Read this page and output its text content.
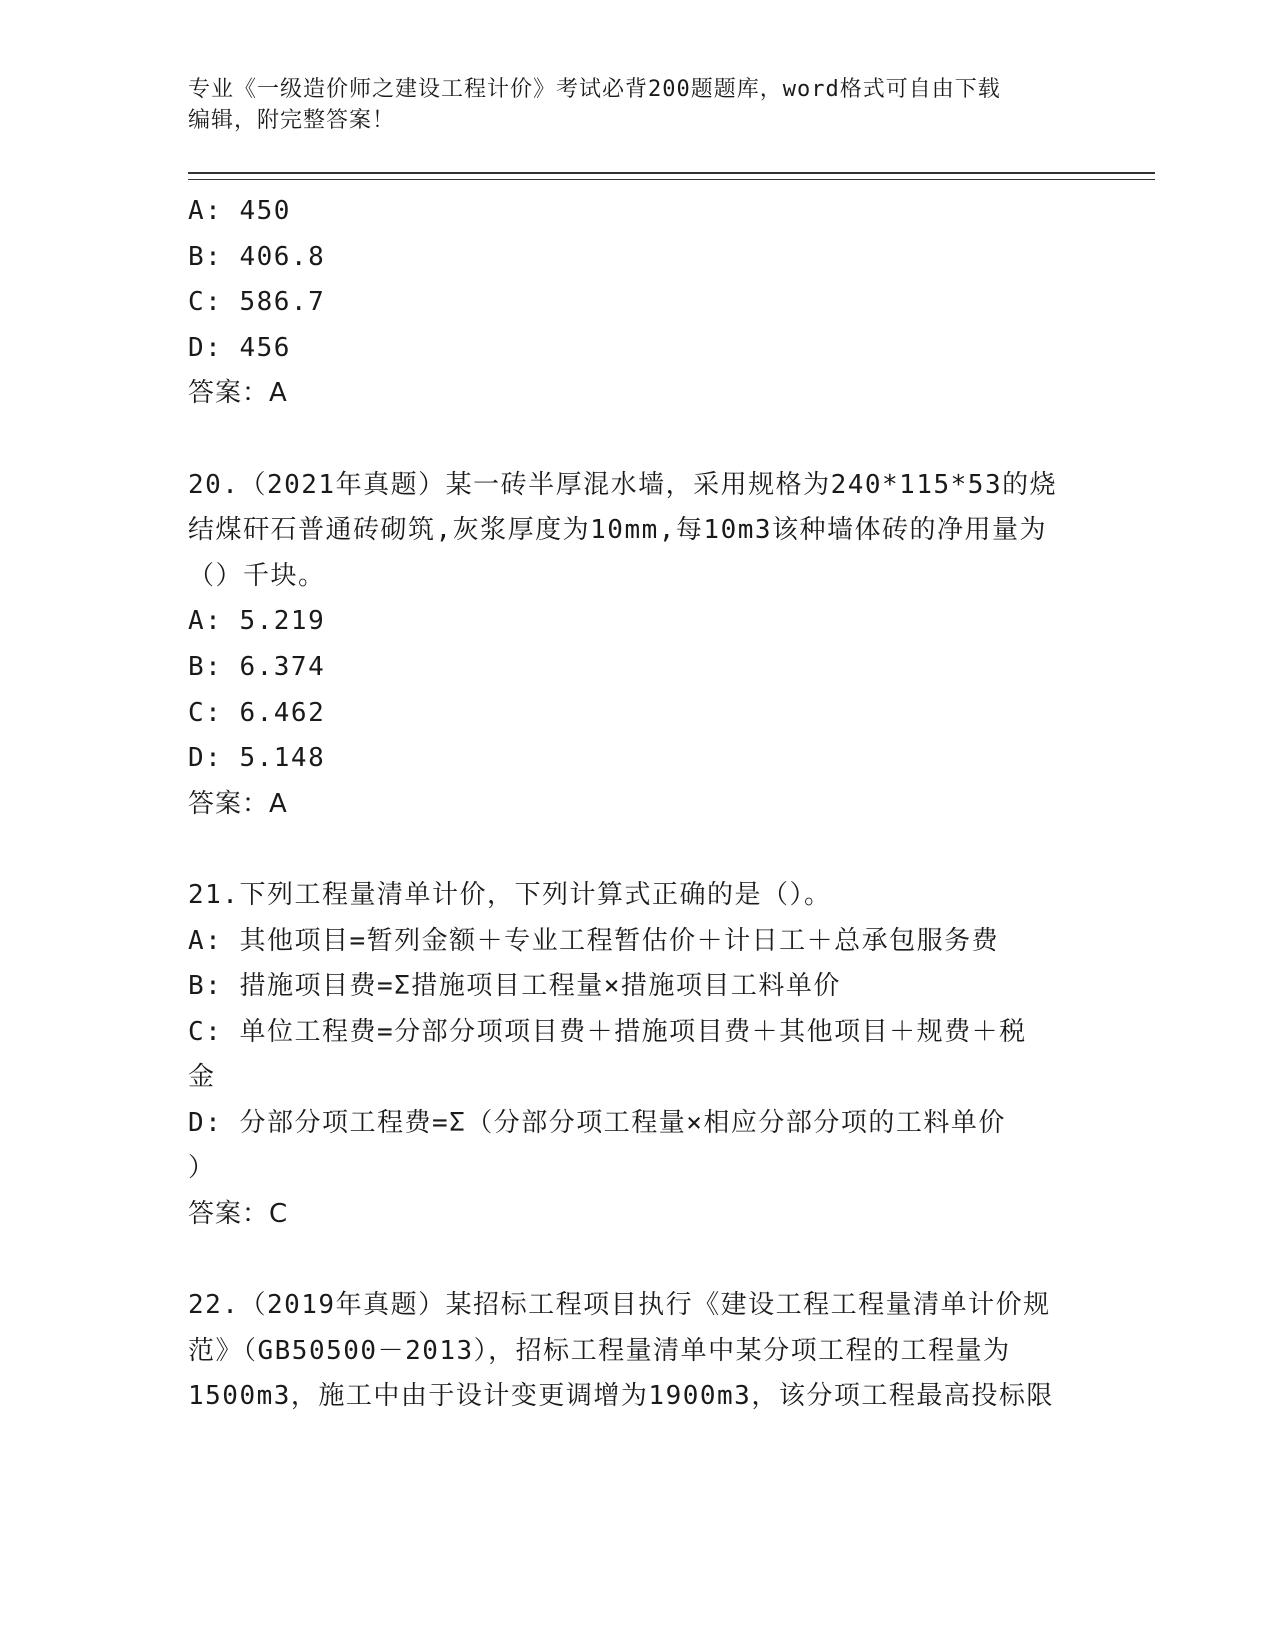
专业《一级造价师之建设工程计价》考试必背200题题库，word格式可自由下载
编辑，附完整答案！
A: 450
B: 406.8
C: 586.7
D: 456
答案：A
20.（2021年真题）某一砖半厚混水墙，采用规格为240*115*53的烧
结煤矸石普通砖砌筑,灰浆厚度为10mm,每10m3该种墙体砖的净用量为
（）千块。
A: 5.219
B: 6.374
C: 6.462
D: 5.148
答案：A
21.下列工程量清单计价，下列计算式正确的是（）。
A: 其他项目=暂列金额＋专业工程暂估价＋计日工＋总承包服务费
B: 措施项目费=Σ措施项目工程量×措施项目工料单价
C: 单位工程费=分部分项项目费＋措施项目费＋其他项目＋规费＋税
金
D: 分部分项工程费=Σ（分部分项工程量×相应分部分项的工料单价
）
答案：C
22.（2019年真题）某招标工程项目执行《建设工程工程量清单计价规
范》（GB50500－2013），招标工程量清单中某分项工程的工程量为
1500m3，施工中由于设计变更调增为1900m3，该分项工程最高投标限
